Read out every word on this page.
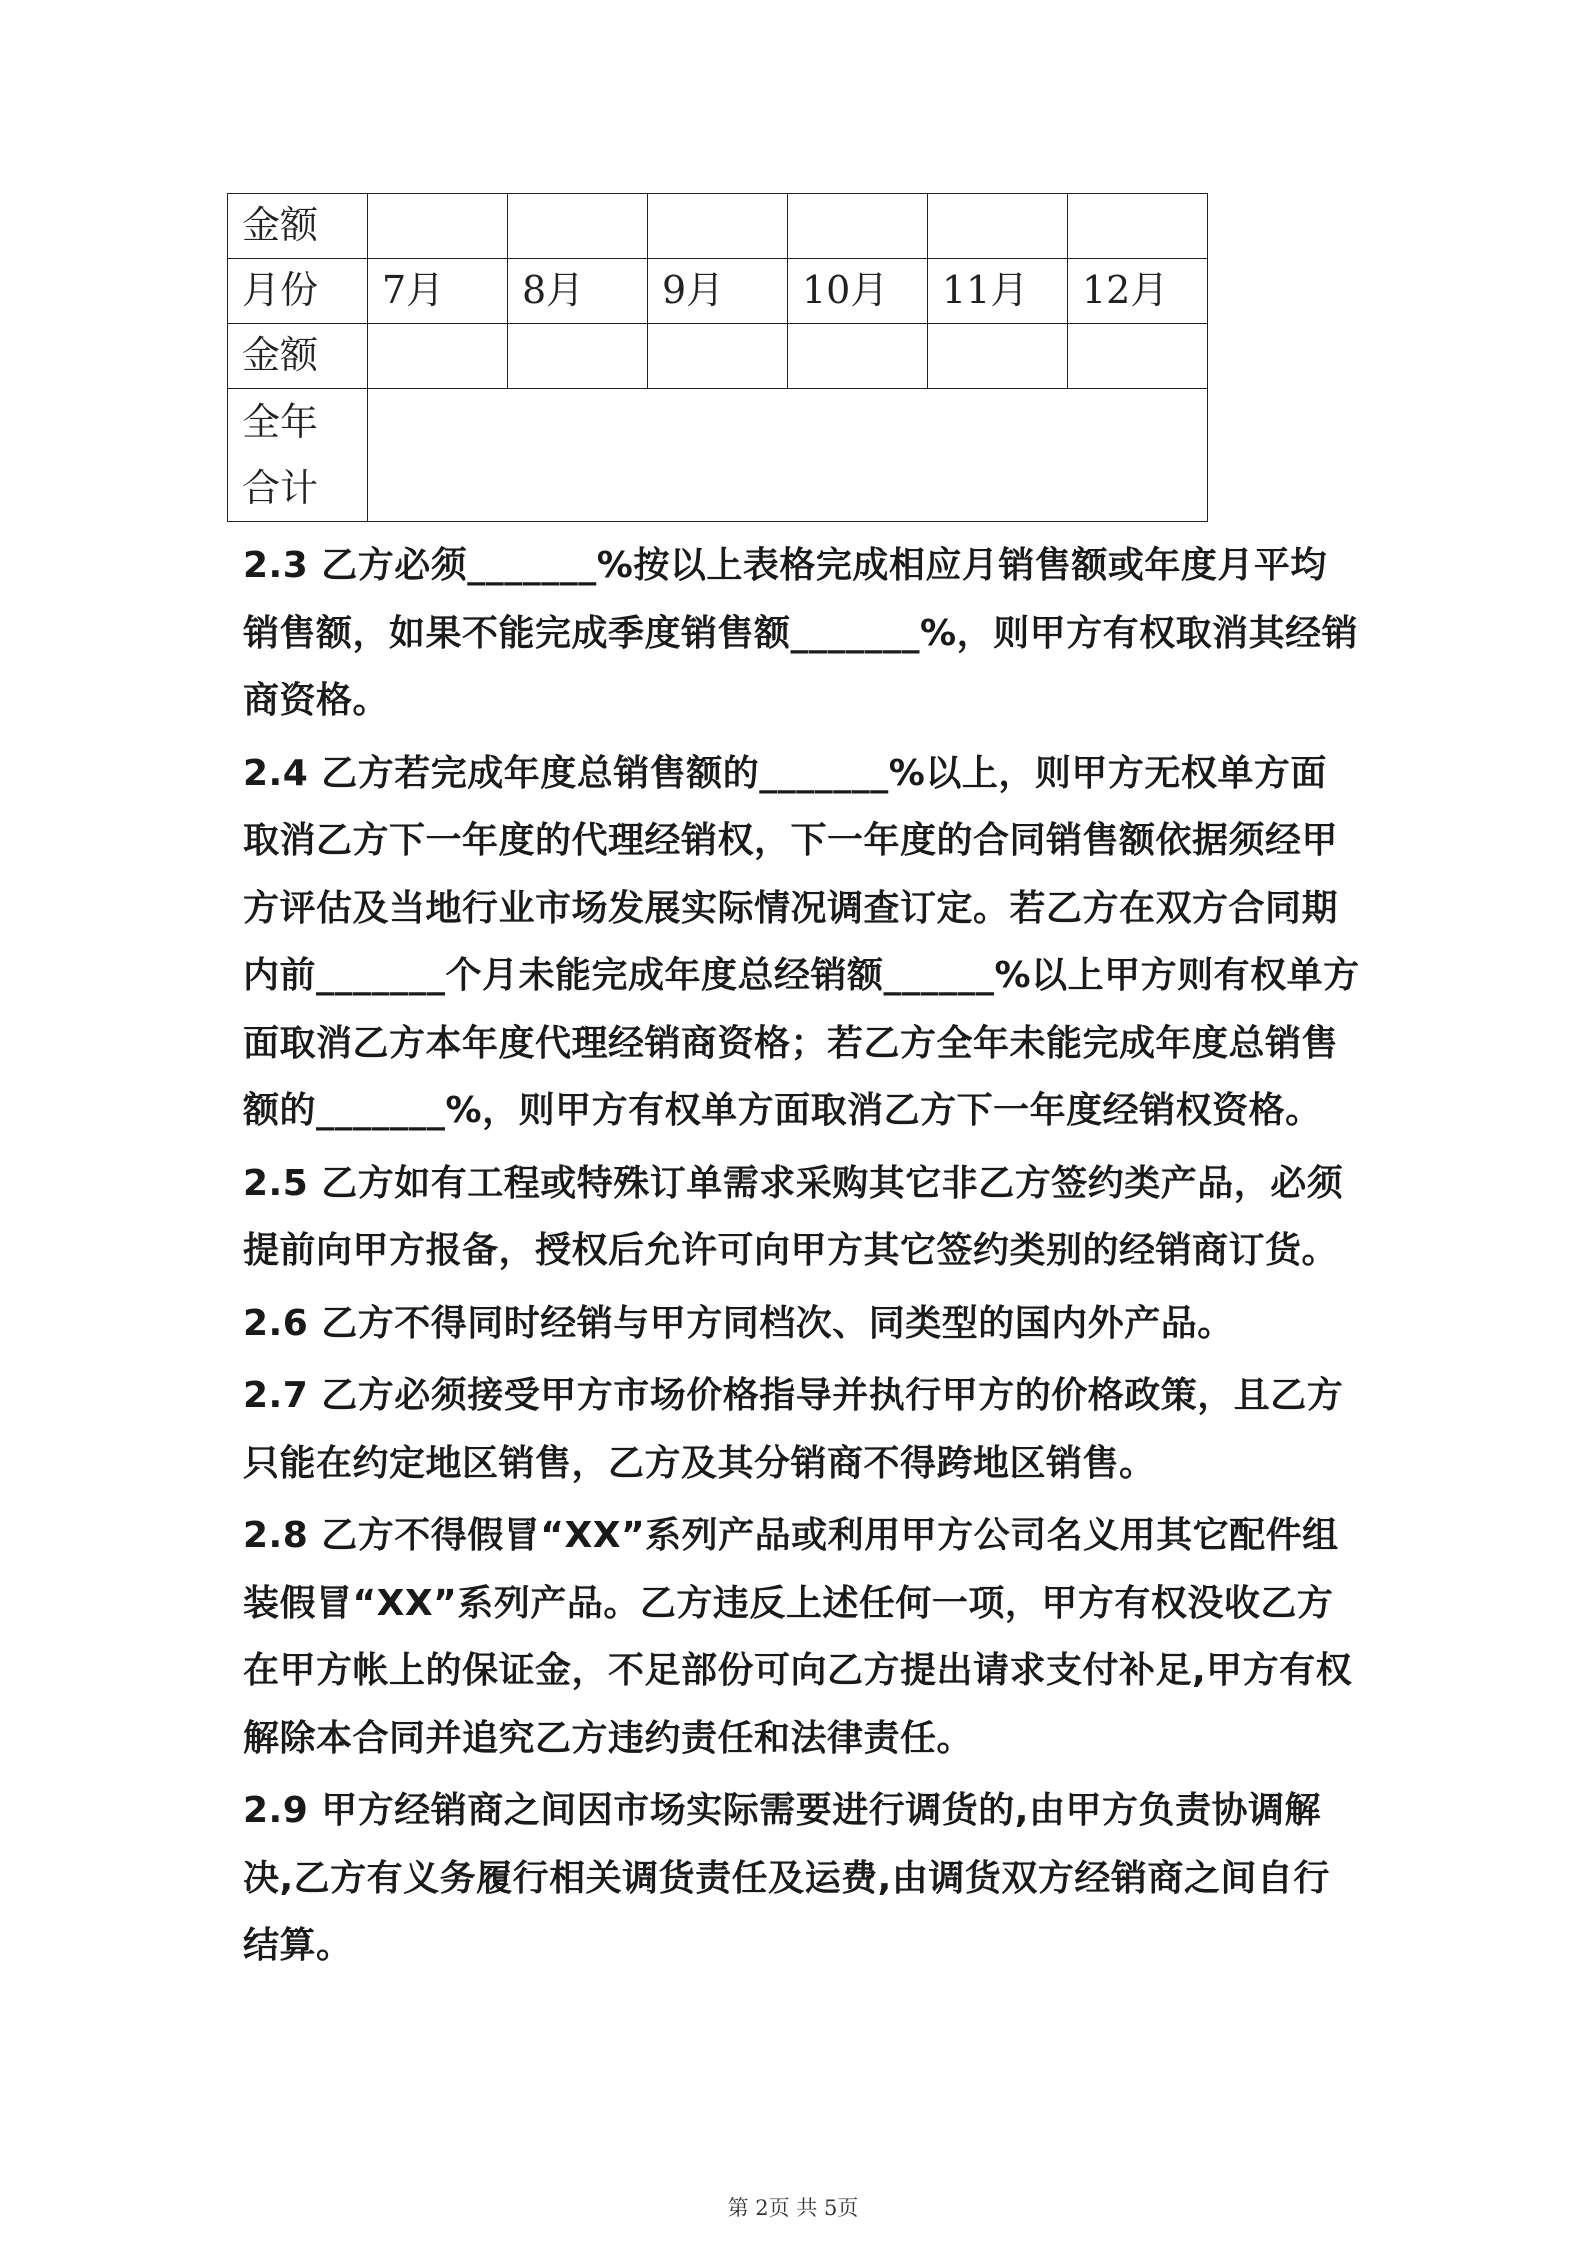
金额						
月份	7月	8月	9月	10月	11月	12月
金额						
全年
合计						

2.3 乙方必须_______%按以上表格完成相应月销售额或年度月平均销售额，如果不能完成季度销售额_______%，则甲方有权取消其经销商资格。

2.4 乙方若完成年度总销售额的_______%以上，则甲方无权单方面取消乙方下一年度的代理经销权，下一年度的合同销售额依据须经甲方评估及当地行业市场发展实际情况调查订定。若乙方在双方合同期内前_______个月未能完成年度总经销额______%以上甲方则有权单方面取消乙方本年度代理经销商资格；若乙方全年未能完成年度总销售额的_______%，则甲方有权单方面取消乙方下一年度经销权资格。

2.5 乙方如有工程或特殊订单需求采购其它非乙方签约类产品，必须提前向甲方报备，授权后允许可向甲方其它签约类别的经销商订货。

2.6 乙方不得同时经销与甲方同档次、同类型的国内外产品。

2.7 乙方必须接受甲方市场价格指导并执行甲方的价格政策，且乙方只能在约定地区销售，乙方及其分销商不得跨地区销售。

2.8 乙方不得假冒“XX”系列产品或利用甲方公司名义用其它配件组装假冒“XX”系列产品。乙方违反上述任何一项，甲方有权没收乙方在甲方帐上的保证金，不足部份可向乙方提出请求支付补足,甲方有权解除本合同并追究乙方违约责任和法律责任。

2.9 甲方经销商之间因市场实际需要进行调货的,由甲方负责协调解决,乙方有义务履行相关调货责任及运费,由调货双方经销商之间自行结算。

第 2页 共 5页
